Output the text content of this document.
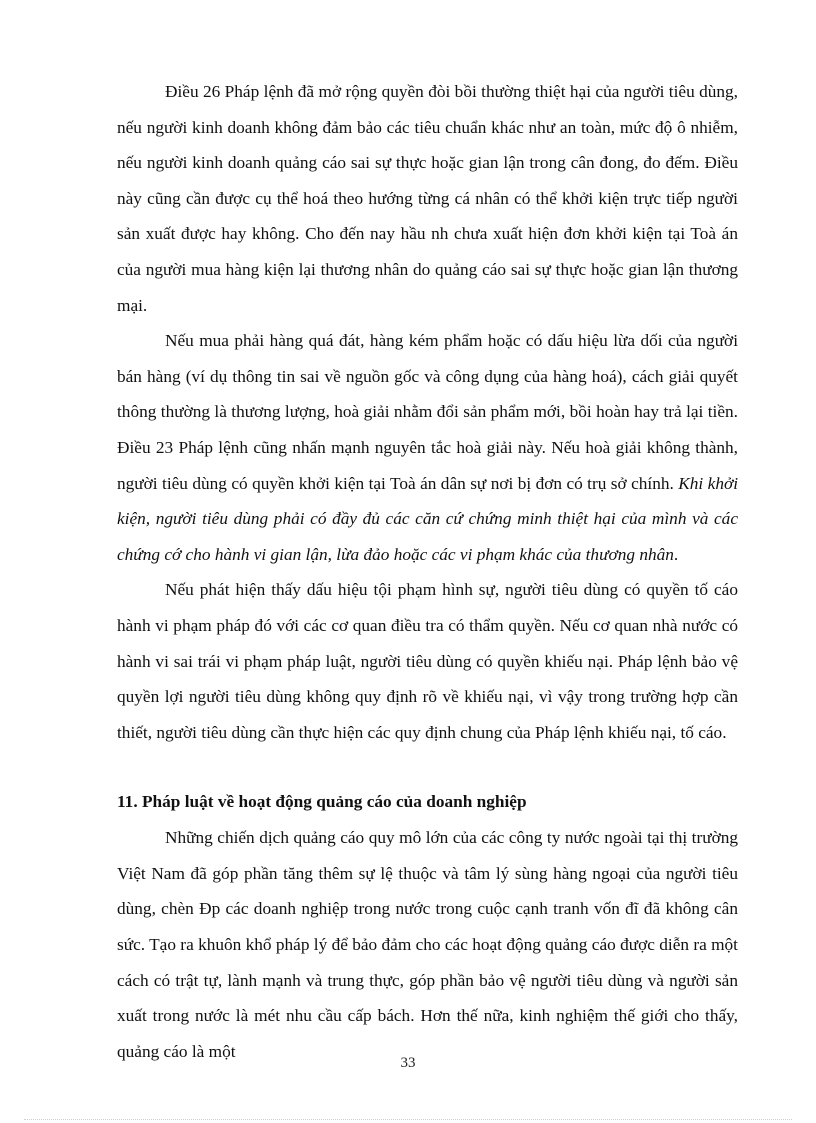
Điều 26 Pháp lệnh đã mở rộng quyền đòi bồi thường thiệt hại của người tiêu dùng, nếu người kinh doanh không đảm bảo các tiêu chuẩn khác như an toàn, mức độ ô nhiễm, nếu người kinh doanh quảng cáo sai sự thực hoặc gian lận trong cân đong, đo đếm. Điều này cũng cần được cụ thể hoá theo hướng từng cá nhân có thể khởi kiện trực tiếp người sản xuất được hay không. Cho đến nay hầu nh chưa xuất hiện đơn khởi kiện tại Toà án của người mua hàng kiện lại thương nhân do quảng cáo sai sự thực hoặc gian lận thương mại.

Nếu mua phải hàng quá đát, hàng kém phẩm hoặc có dấu hiệu lừa dối của người bán hàng (ví dụ thông tin sai về nguồn gốc và công dụng của hàng hoá), cách giải quyết thông thường là thương lượng, hoà giải nhằm đổi sản phẩm mới, bồi hoàn hay trả lại tiền. Điều 23 Pháp lệnh cũng nhấn mạnh nguyên tắc hoà giải này. Nếu hoà giải không thành, người tiêu dùng có quyền khởi kiện tại Toà án dân sự nơi bị đơn có trụ sở chính. Khi khởi kiện, người tiêu dùng phải có đầy đủ các căn cứ chứng minh thiệt hại của mình và các chứng cớ cho hành vi gian lận, lừa đảo hoặc các vi phạm khác của thương nhân.

Nếu phát hiện thấy dấu hiệu tội phạm hình sự, người tiêu dùng có quyền tố cáo hành vi phạm pháp đó với các cơ quan điều tra có thẩm quyền. Nếu cơ quan nhà nước có hành vi sai trái vi phạm pháp luật, người tiêu dùng có quyền khiếu nại. Pháp lệnh bảo vệ quyền lợi người tiêu dùng không quy định rõ về khiếu nại, vì vậy trong trường hợp cần thiết, người tiêu dùng cần thực hiện các quy định chung của Pháp lệnh khiếu nại, tố cáo.

11. Pháp luật về hoạt động quảng cáo của doanh nghiệp

Những chiến dịch quảng cáo quy mô lớn của các công ty nước ngoài tại thị trường Việt Nam đã góp phần tăng thêm sự lệ thuộc và tâm lý sùng hàng ngoại của người tiêu dùng, chèn Đp các doanh nghiệp trong nước trong cuộc cạnh tranh vốn đĩ đã không cân sức. Tạo ra khuôn khổ pháp lý để bảo đảm cho các hoạt động quảng cáo được diễn ra một cách có trật tự, lành mạnh và trung thực, góp phần bảo vệ người tiêu dùng và người sản xuất trong nước là mét nhu cầu cấp bách. Hơn thế nữa, kinh nghiệm thế giới cho thấy, quảng cáo là một

33
